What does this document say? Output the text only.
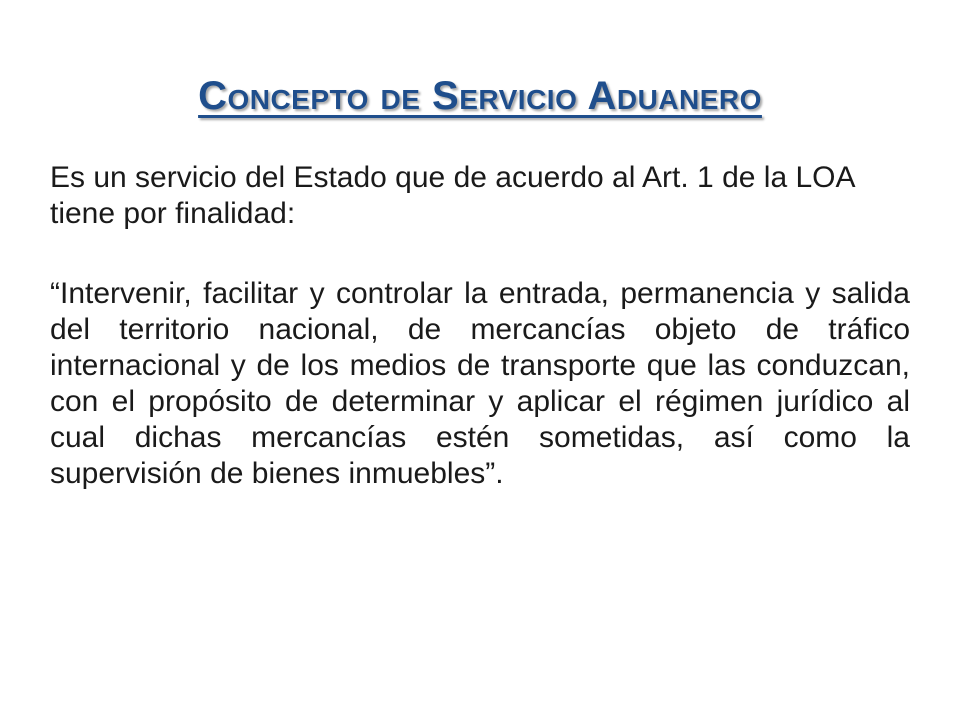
Concepto de Servicio Aduanero

Es un servicio del Estado que de acuerdo al Art. 1 de la LOA tiene por finalidad:

“Intervenir, facilitar y controlar la entrada, permanencia y salida del territorio nacional, de mercancías objeto de tráfico internacional y de los medios de transporte que las conduzcan, con el propósito de determinar y aplicar el régimen jurídico al cual dichas mercancías estén sometidas, así como la supervisión de bienes inmuebles”.
